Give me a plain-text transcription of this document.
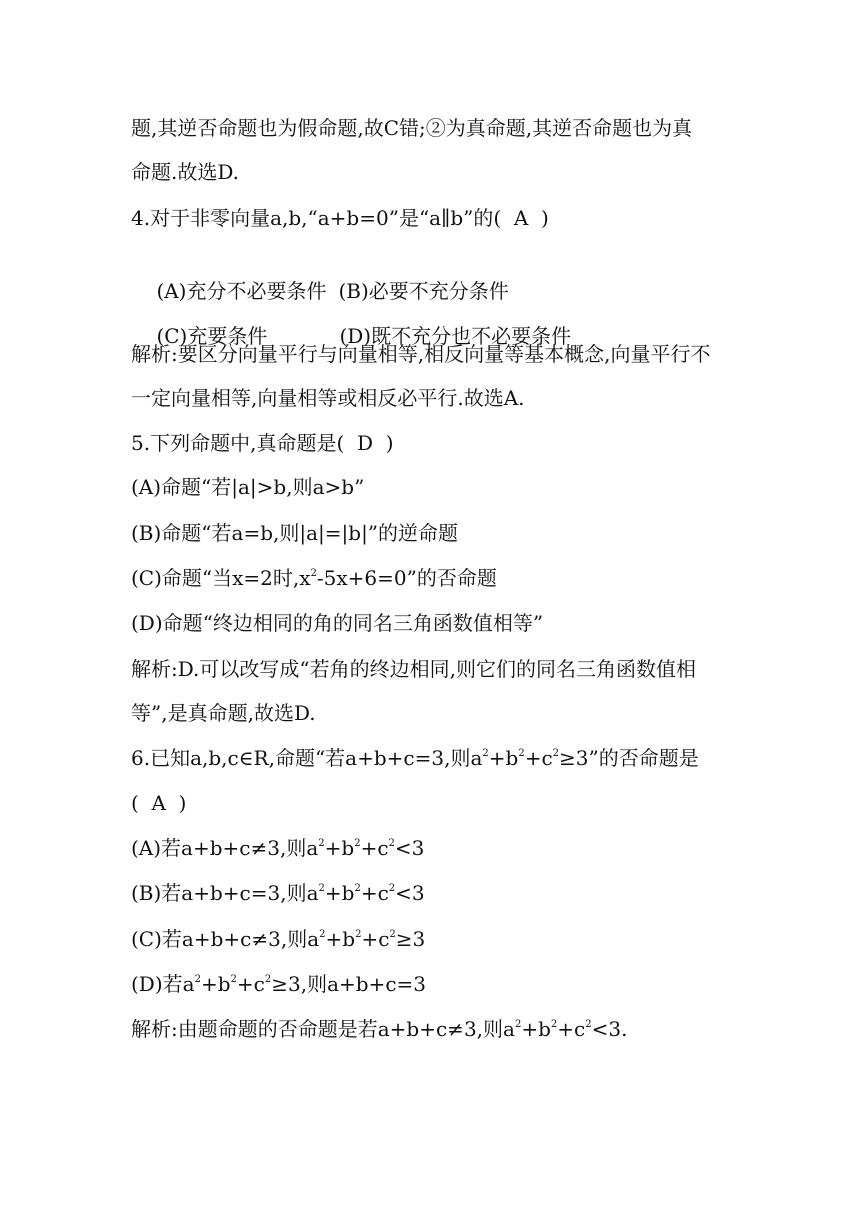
题,其逆否命题也为假命题,故C错;②为真命题,其逆否命题也为真
命题.故选D.
4.对于非零向量a,b,“a+b=0”是“a∥b”的(  A  )

(A)充分不必要条件 (B)必要不充分条件

(C)充要条件	(D)既不充分也不必要条件

解析:要区分向量平行与向量相等,相反向量等基本概念,向量平行不
一定向量相等,向量相等或相反必平行.故选A.
5.下列命题中,真命题是(  D  )
(A)命题“若|a|>b,则a>b”
(B)命题“若a=b,则|a|=|b|”的逆命题
(C)命题“当x=2时$,x^2-5x+6=0$”的否命题
(D)命题“终边相同的角的同名三角函数值相等”
解析:D.可以改写成“若角的终边相同,则它们的同名三角函数值相
等”,是真命题,故选D.
6.已知a,b,c∈R,命题“若a+b+c=3,则$a^2+b^2+c^2\ge 3$”的否命题是
(  A  )
(A)若a+b+c≠3,则$a^2+b^2+c^2<3$
(B)若a+b+c=3,则$a^2+b^2+c^2<3$
(C)若a+b+c≠3,则$a^2+b^2+c^2\ge 3$
(D)若$a^2+b^2+c^2\ge 3$,则a+b+c=3
解析:由题命题的否命题是若a+b+c≠3,则$a^2+b^2+c^2<3$.
